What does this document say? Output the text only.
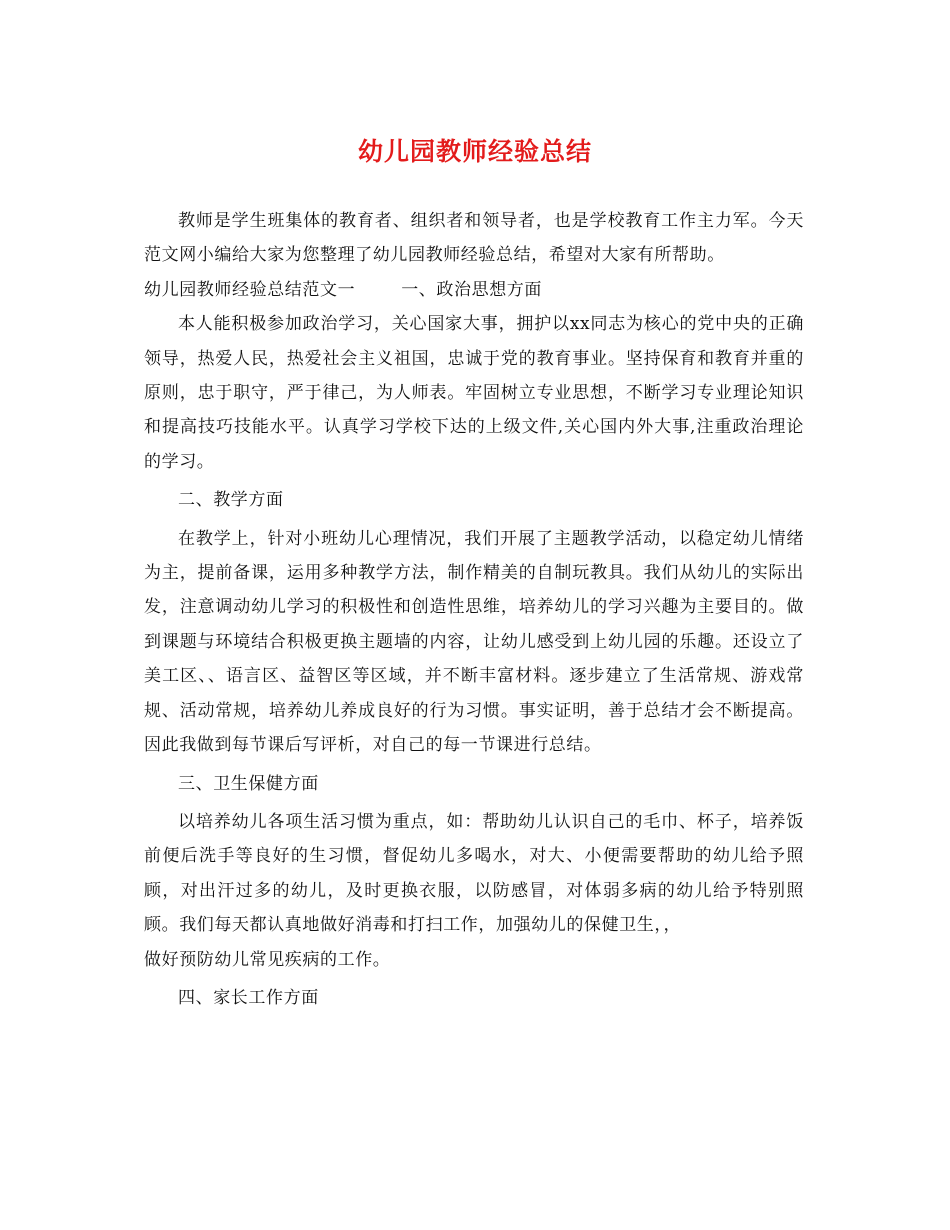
幼儿园教师经验总结

教师是学生班集体的教育者、组织者和领导者，也是学校教育工作主力军。今天范文网小编给大家为您整理了幼儿园教师经验总结，希望对大家有所帮助。

幼儿园教师经验总结范文一	一、政治思想方面

本人能积极参加政治学习，关心国家大事，拥护以xx同志为核心的党中央的正确领导，热爱人民，热爱社会主义祖国，忠诚于党的教育事业。坚持保育和教育并重的原则，忠于职守，严于律己，为人师表。牢固树立专业思想，不断学习专业理论知识和提高技巧技能水平。认真学习学校下达的上级文件,关心国内外大事,注重政治理论的学习。

二、教学方面

在教学上，针对小班幼儿心理情况，我们开展了主题教学活动，以稳定幼儿情绪为主，提前备课，运用多种教学方法，制作精美的自制玩教具。我们从幼儿的实际出发，注意调动幼儿学习的积极性和创造性思维，培养幼儿的学习兴趣为主要目的。做到课题与环境结合积极更换主题墙的内容，让幼儿感受到上幼儿园的乐趣。还设立了美工区、、语言区、益智区等区域，并不断丰富材料。逐步建立了生活常规、游戏常规、活动常规，培养幼儿养成良好的行为习惯。事实证明，善于总结才会不断提高。因此我做到每节课后写评析，对自己的每一节课进行总结。

三、卫生保健方面

以培养幼儿各项生活习惯为重点，如：帮助幼儿认识自己的毛巾、杯子，培养饭前便后洗手等良好的生习惯，督促幼儿多喝水，对大、小便需要帮助的幼儿给予照顾，对出汗过多的幼儿，及时更换衣服，以防感冒，对体弱多病的幼儿给予特别照顾。我们每天都认真地做好消毒和打扫工作，加强幼儿的保健卫生，，

做好预防幼儿常见疾病的工作。

四、家长工作方面
